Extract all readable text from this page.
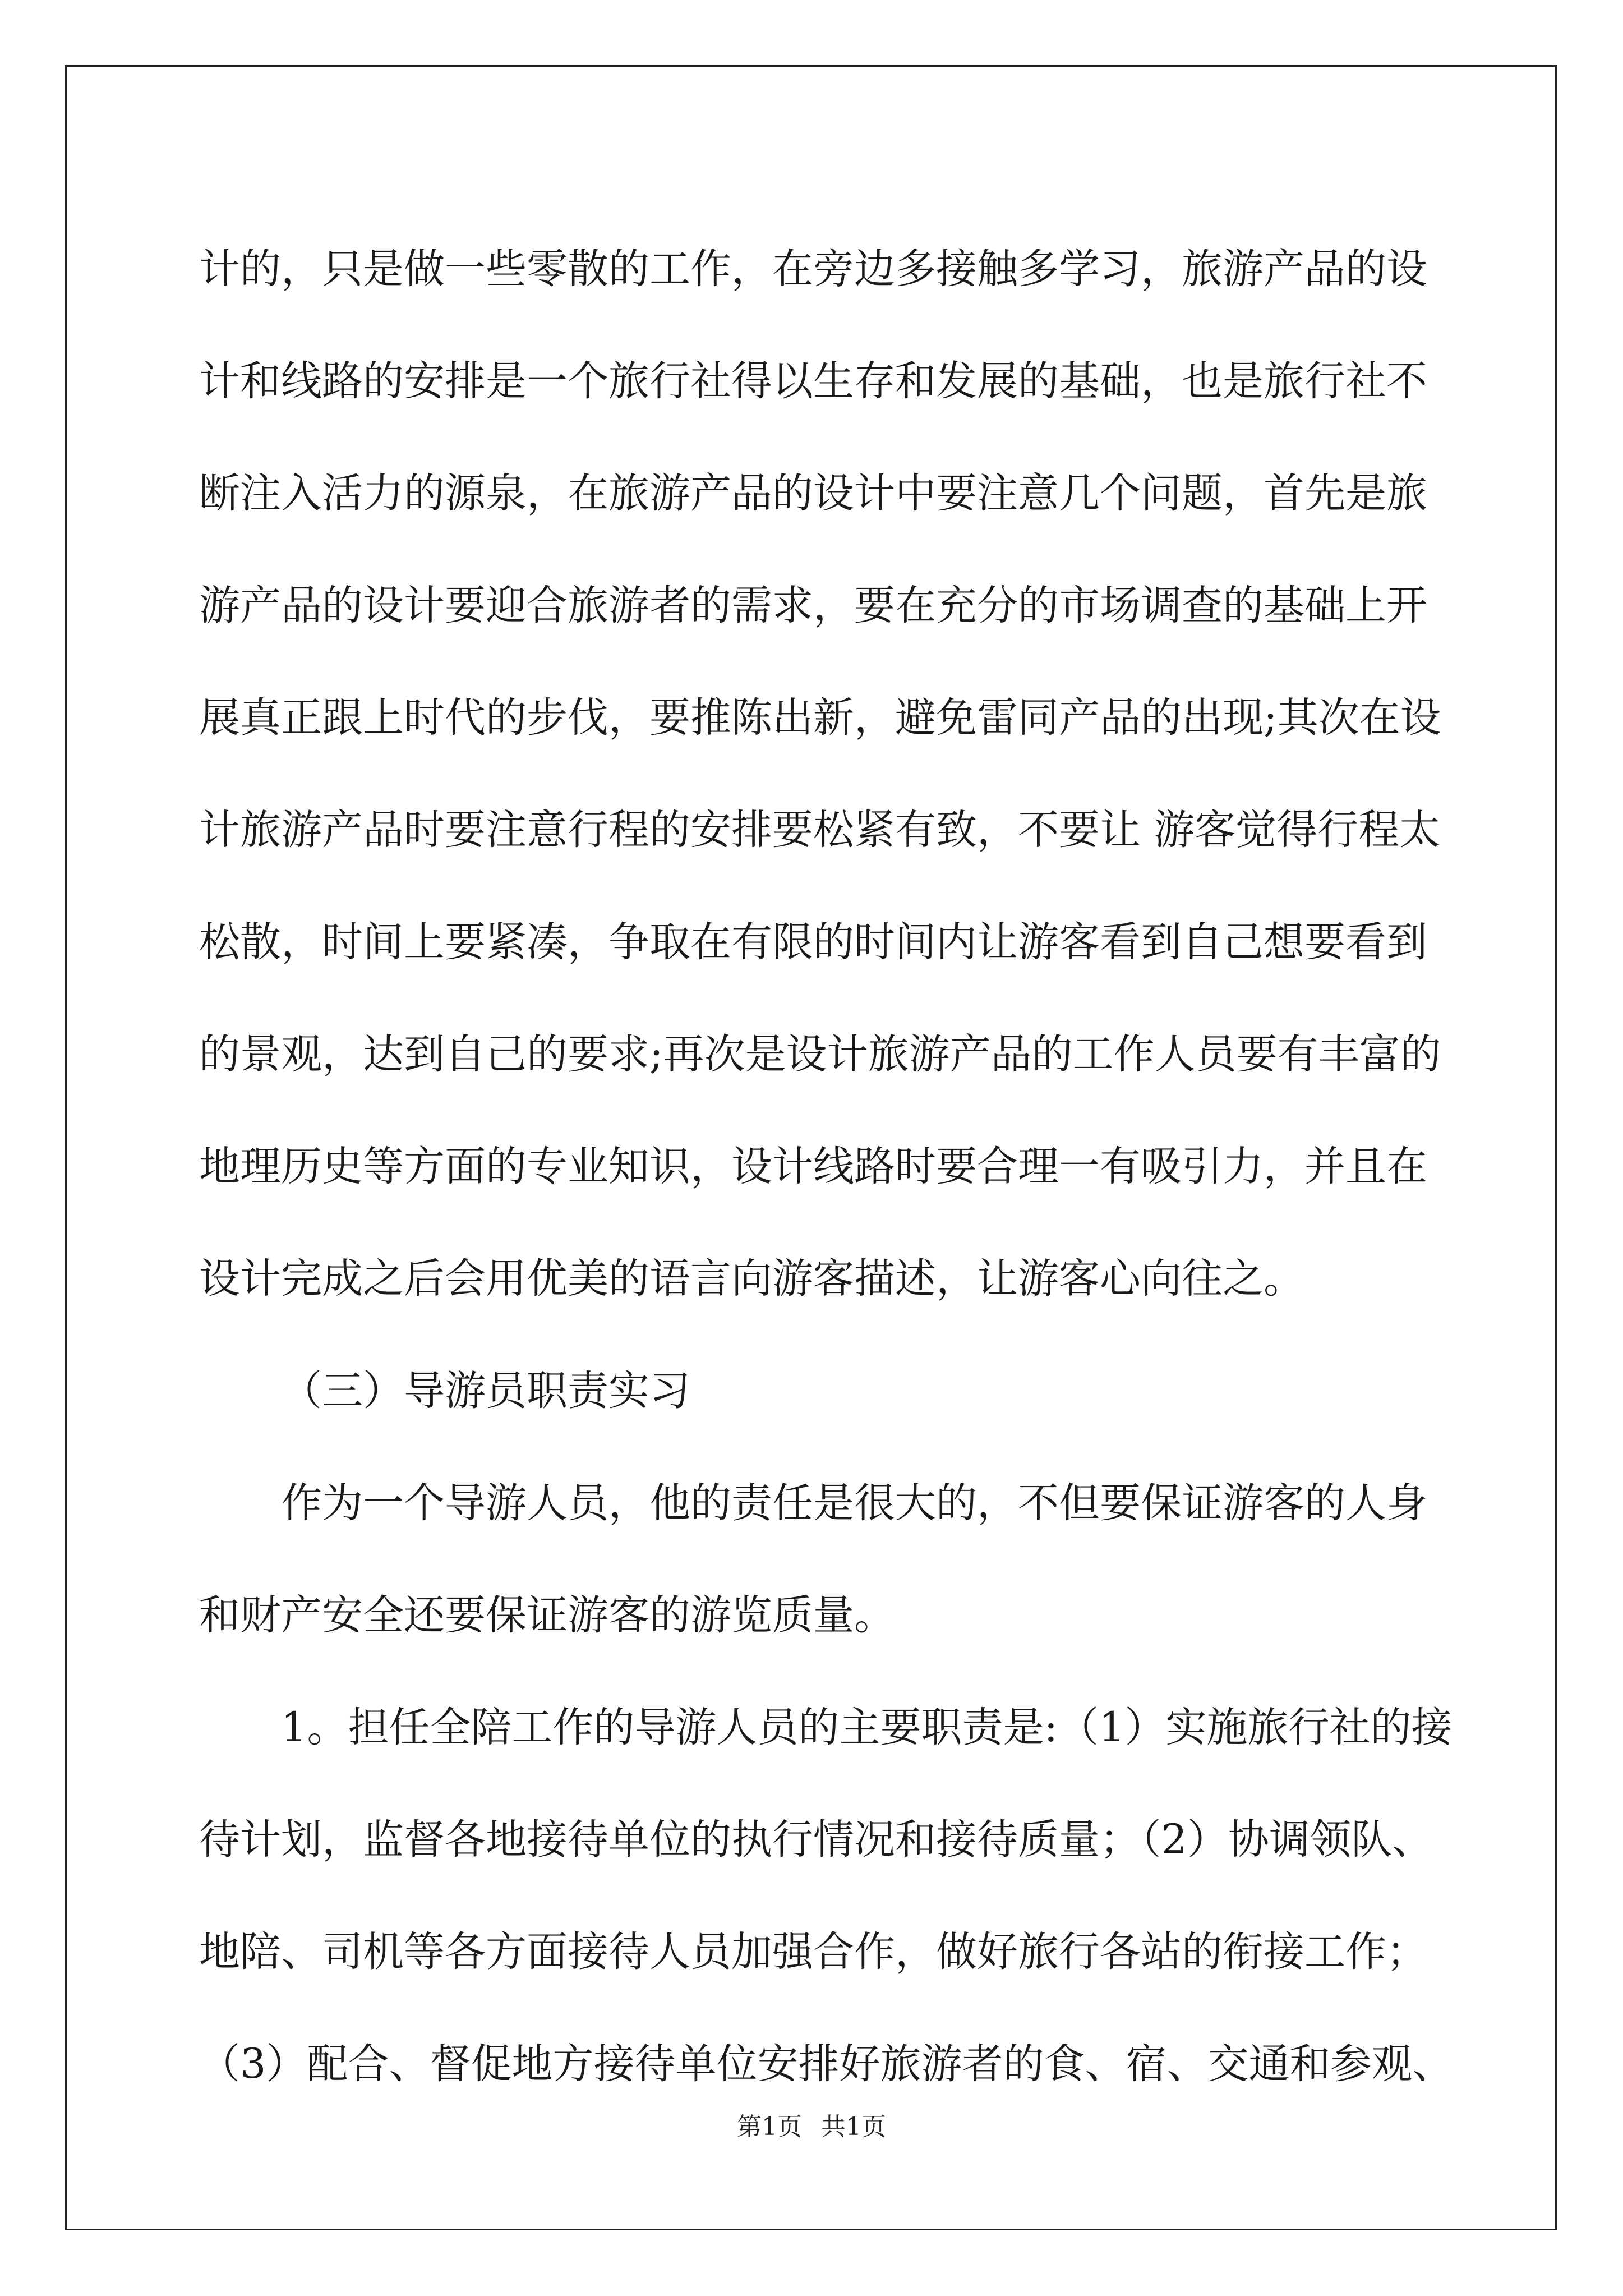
计的，只是做一些零散的工作，在旁边多接触多学习，旅游产品的设
计和线路的安排是一个旅行社得以生存和发展的基础，也是旅行社不
断注入活力的源泉，在旅游产品的设计中要注意几个问题，首先是旅
游产品的设计要迎合旅游者的需求，要在充分的市场调查的基础上开
展真正跟上时代的步伐，要推陈出新，避免雷同产品的出现;其次在设
计旅游产品时要注意行程的安排要松紧有致，不要让 游客觉得行程太
松散，时间上要紧凑，争取在有限的时间内让游客看到自己想要看到
的景观，达到自己的要求;再次是设计旅游产品的工作人员要有丰富的
地理历史等方面的专业知识，设计线路时要合理一有吸引力，并且在
设计完成之后会用优美的语言向游客描述，让游客心向往之。
（三）导游员职责实习
作为一个导游人员，他的责任是很大的，不但要保证游客的人身
和财产安全还要保证游客的游览质量。
1。担任全陪工作的导游人员的主要职责是:（1）实施旅行社的接
待计划，监督各地接待单位的执行情况和接待质量；（2）协调领队、
地陪、司机等各方面接待人员加强合作，做好旅行各站的衔接工作；
（3）配合、督促地方接待单位安排好旅游者的食、宿、交通和参观、
第1页 共1页
